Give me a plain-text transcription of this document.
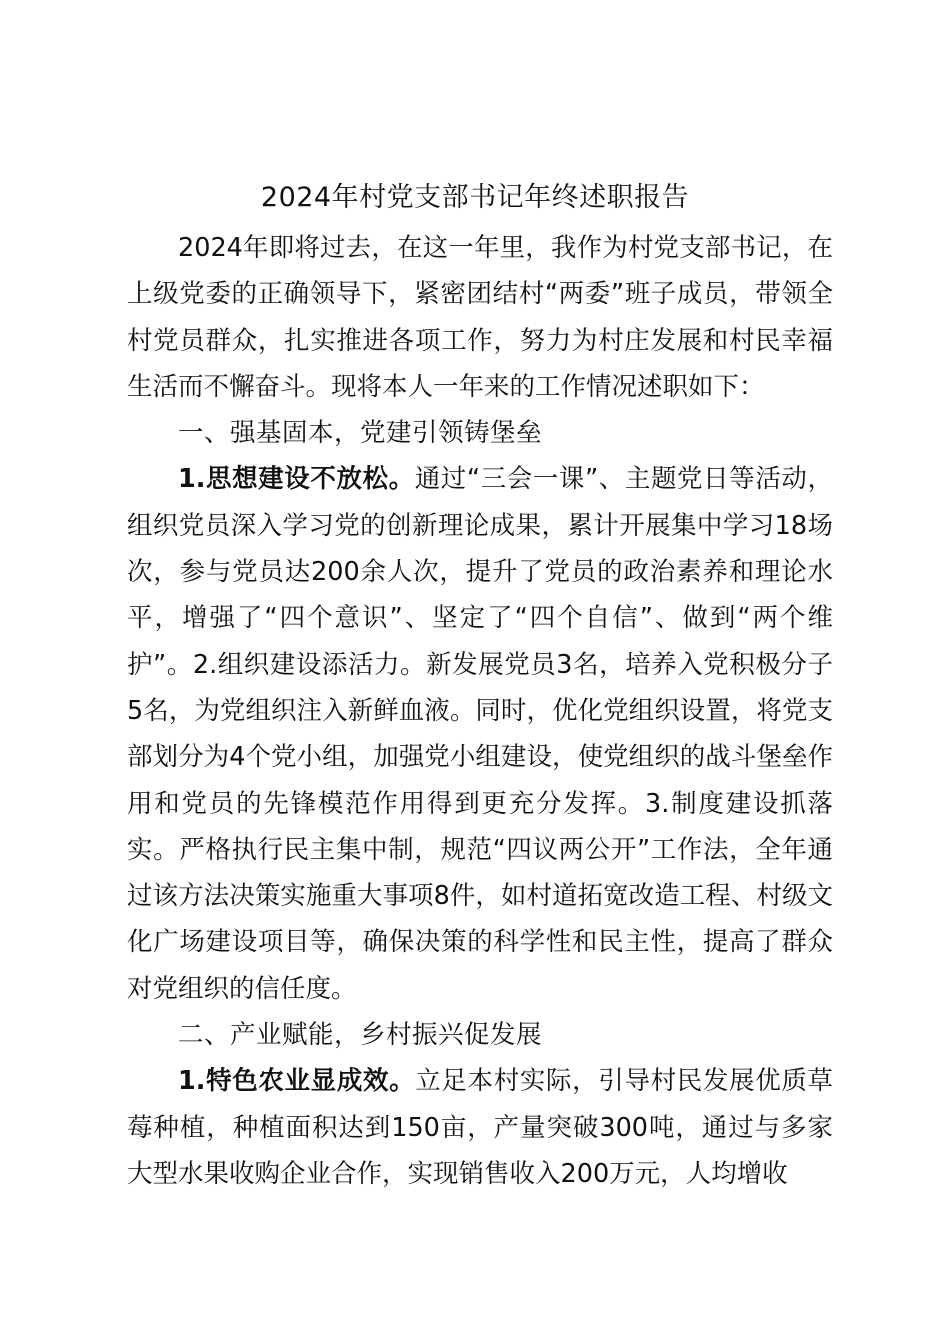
2024年村党支部书记年终述职报告

2024年即将过去，在这一年里，我作为村党支部书记，在上级党委的正确领导下，紧密团结村“两委”班子成员，带领全村党员群众，扎实推进各项工作，努力为村庄发展和村民幸福生活而不懈奋斗。现将本人一年来的工作情况述职如下：

一、强基固本，党建引领铸堡垒

1.思想建设不放松。通过“三会一课”、主题党日等活动，组织党员深入学习党的创新理论成果，累计开展集中学习18场次，参与党员达200余人次，提升了党员的政治素养和理论水平，增强了“四个意识”、坚定了“四个自信”、做到“两个维护”。2.组织建设添活力。新发展党员3名，培养入党积极分子5名，为党组织注入新鲜血液。同时，优化党组织设置，将党支部划分为4个党小组，加强党小组建设，使党组织的战斗堡垒作用和党员的先锋模范作用得到更充分发挥。3.制度建设抓落实。严格执行民主集中制，规范“四议两公开”工作法，全年通过该方法决策实施重大事项8件，如村道拓宽改造工程、村级文化广场建设项目等，确保决策的科学性和民主性，提高了群众对党组织的信任度。

二、产业赋能，乡村振兴促发展

1.特色农业显成效。立足本村实际，引导村民发展优质草莓种植，种植面积达到150亩，产量突破300吨，通过与多家大型水果收购企业合作，实现销售收入200万元，人均增收
